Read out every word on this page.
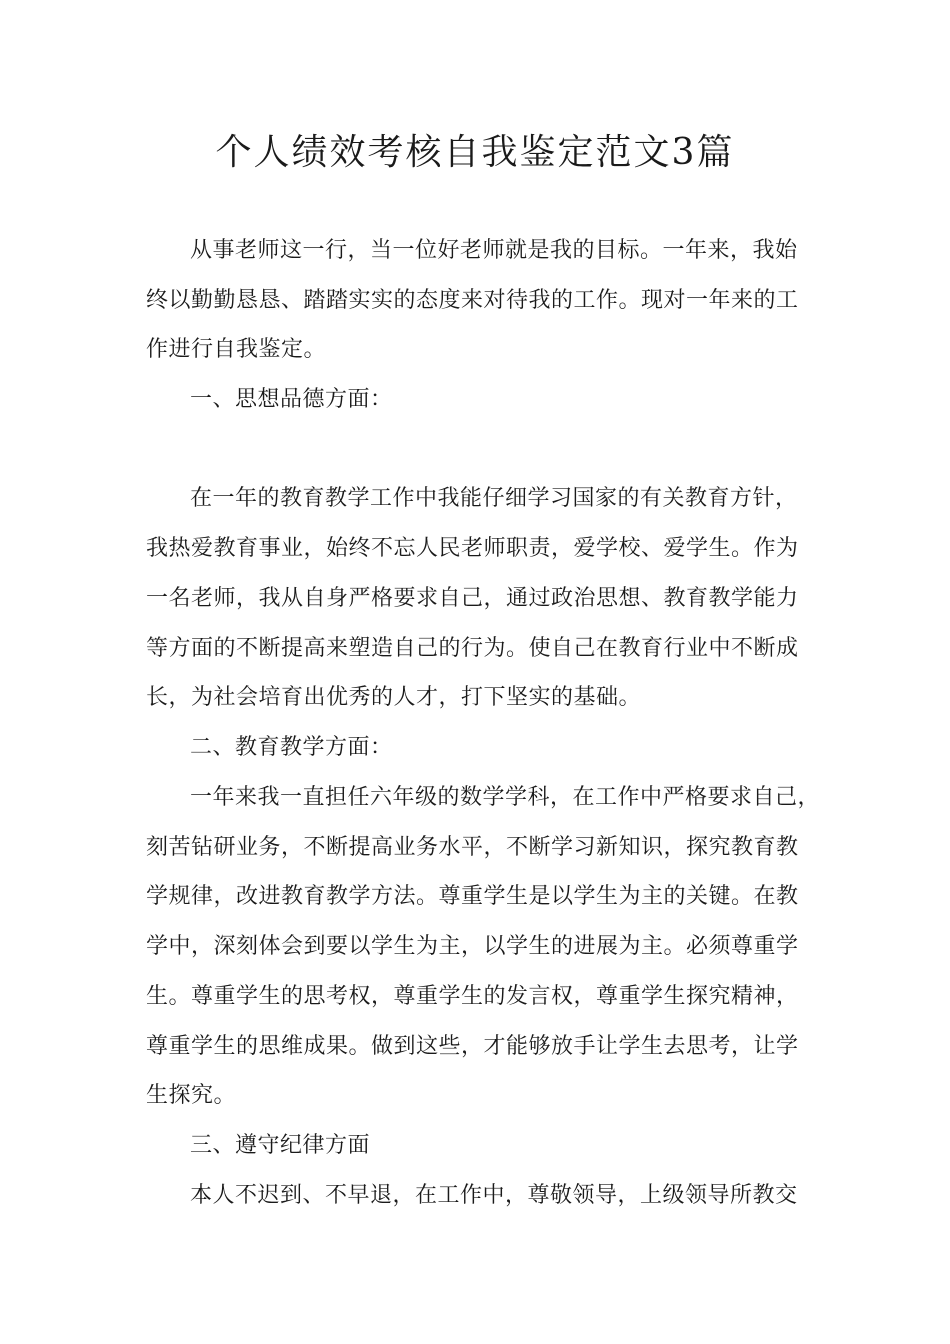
个人绩效考核自我鉴定范文3篇
从事老师这一行，当一位好老师就是我的目标。一年来，我始
终以勤勤恳恳、踏踏实实的态度来对待我的工作。现对一年来的工
作进行自我鉴定。
一、思想品德方面：
在一年的教育教学工作中我能仔细学习国家的有关教育方针，
我热爱教育事业，始终不忘人民老师职责，爱学校、爱学生。作为
一名老师，我从自身严格要求自己，通过政治思想、教育教学能力
等方面的不断提高来塑造自己的行为。使自己在教育行业中不断成
长，为社会培育出优秀的人才，打下坚实的基础。
二、教育教学方面：
一年来我一直担任六年级的数学学科，在工作中严格要求自己，
刻苦钻研业务，不断提高业务水平，不断学习新知识，探究教育教
学规律，改进教育教学方法。尊重学生是以学生为主的关键。在教
学中，深刻体会到要以学生为主，以学生的进展为主。必须尊重学
生。尊重学生的思考权，尊重学生的发言权，尊重学生探究精神，
尊重学生的思维成果。做到这些，才能够放手让学生去思考，让学
生探究。
三、遵守纪律方面
本人不迟到、不早退，在工作中，尊敬领导，上级领导所教交
